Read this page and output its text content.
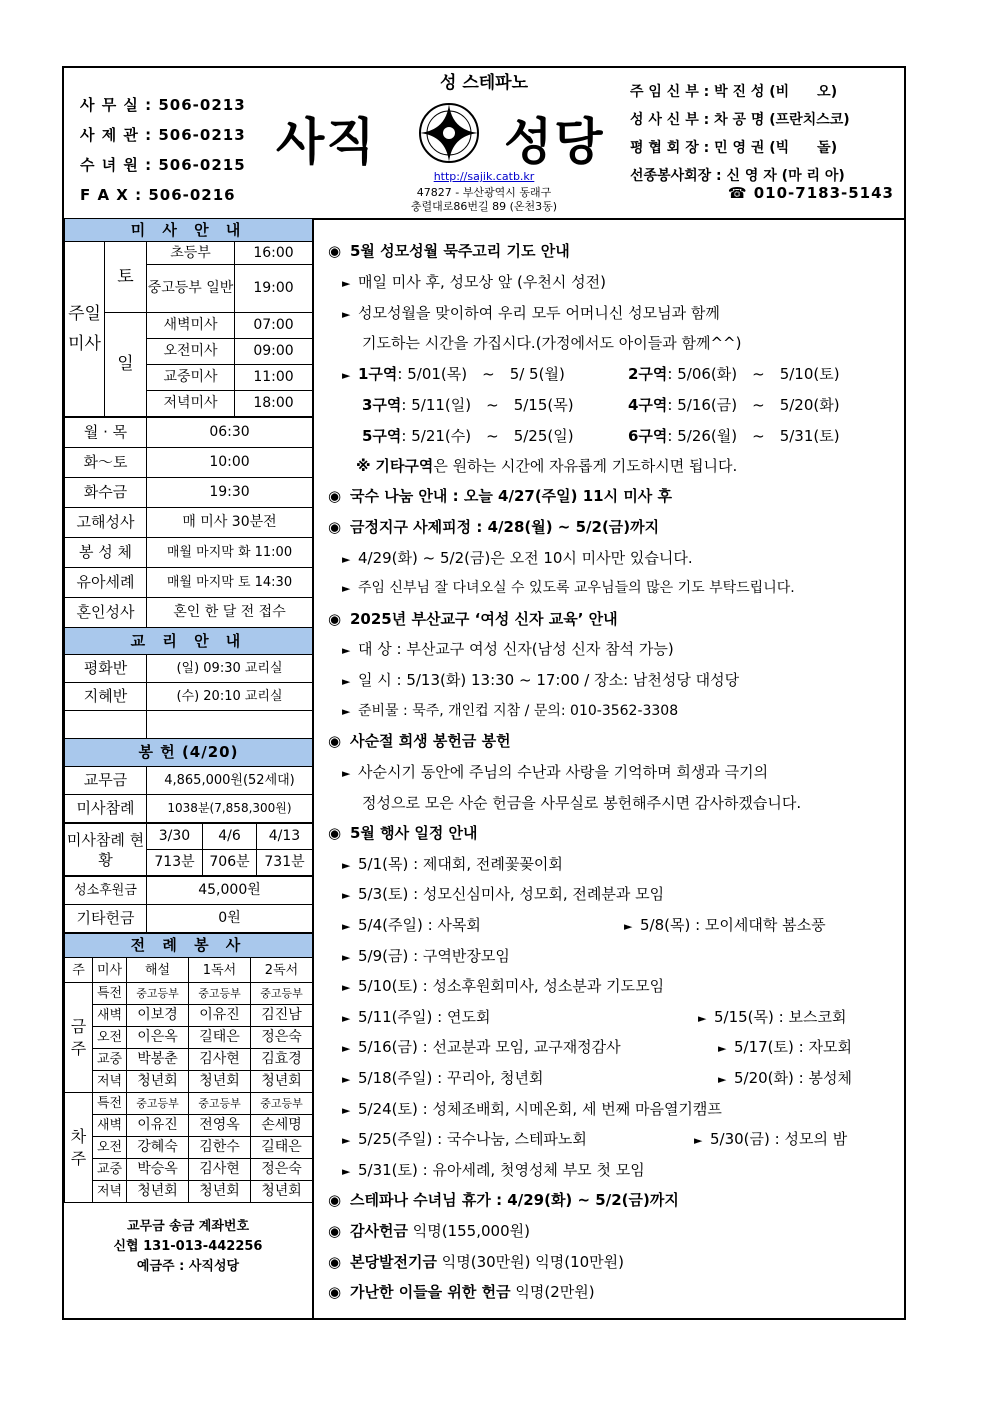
사 무 실 : 506-0213
사 제 관 : 506-0213
수 녀 원 : 506-0215
F A X : 506-0216
성 스테파노
사직	성당
http://sajik.catb.kr
47827 - 부산광역시 동래구
충렬대로86번길 89 (온천3동)
주 임 신 부 : 박 진 성 (비　　오)
성 사 신 부 : 차 공 명 (프란치스코)
평 협 회 장 : 민 영 권 (빅　　돌)
선종봉사회장 : 신 영 자 (마 리 아)
☎ 010-7183-5143
미 사 안 내			
주일미사	토	초등부	16:00
		중고등부 일반	19:00
	일	새벽미사	07:00
		오전미사	09:00
		교중미사	11:00
		저녁미사	18:00
월 · 목	06:30
화～토	10:00
화수금	19:30
고해성사	매 미사 30분전
봉 성 체	매월 마지막 화 11:00
유아세례	매월 마지막 토 14:30
혼인성사	혼인 한 달 전 접수
교 리 안 내	
평화반	(일) 09:30 교리실
지혜반	(수) 20:10 교리실

봉 헌 (4/20)	
교무금	4,865,000원(52세대)
미사참례	1038분(7,858,300원)
미사참례 현황	3/30	4/6	4/13
	713분	706분	731분
성소후원금	45,000원
기타헌금	0원
전 례 봉 사				
주	미사	해설	1독서	2독서
금주	특전	중고등부	중고등부	중고등부
	새벽	이보경	이유진	김진남
	오전	이은옥	길태은	정은숙
	교중	박봉춘	김사현	김효경
	저녁	청년회	청년회	청년회
차주	특전	중고등부	중고등부	중고등부
	새벽	이유진	전영옥	손세명
	오전	강혜숙	김한수	길태은
	교중	박승옥	김사현	정은숙
	저녁	청년회	청년회	청년회
교무금 송금 계좌번호
신협 131-013-442256
예금주 : 사직성당
◉ 5월 성모성월 묵주고리 기도 안내
► 매일 미사 후, 성모상 앞 (우천시 성전)
► 성모성월을 맞이하여 우리 모두 어머니신 성모님과 함께
기도하는 시간을 가집시다.(가정에서도 아이들과 함께^^)
► 1구역: 5/01(목)　~　5/ 5(월)	2구역: 5/06(화)　~　5/10(토)
3구역: 5/11(일)　~　5/15(목)	4구역: 5/16(금)　~　5/20(화)
5구역: 5/21(수)　~　5/25(일)	6구역: 5/26(월)　~　5/31(토)
※ 기타구역은 원하는 시간에 자유롭게 기도하시면 됩니다.
◉ 국수 나눔 안내 : 오늘 4/27(주일) 11시 미사 후
◉ 금정지구 사제피정 : 4/28(월) ~ 5/2(금)까지
► 4/29(화) ~ 5/2(금)은 오전 10시 미사만 있습니다.
► 주임 신부님 잘 다녀오실 수 있도록 교우님들의 많은 기도 부탁드립니다.
◉ 2025년 부산교구 ‘여성 신자 교육’ 안내
► 대 상 : 부산교구 여성 신자(남성 신자 참석 가능)
► 일 시 : 5/13(화) 13:30 ~ 17:00 / 장소: 남천성당 대성당
► 준비물 : 묵주, 개인컵 지참 / 문의: 010-3562-3308
◉ 사순절 희생 봉헌금 봉헌
► 사순시기 동안에 주님의 수난과 사랑을 기억하며 희생과 극기의
정성으로 모은 사순 헌금을 사무실로 봉헌해주시면 감사하겠습니다.
◉ 5월 행사 일정 안내
► 5/1(목) : 제대회, 전례꽃꽂이회
► 5/3(토) : 성모신심미사, 성모회, 전례분과 모임
► 5/4(주일) : 사목회	► 5/8(목) : 모이세대학 봄소풍
► 5/9(금) : 구역반장모임
► 5/10(토) : 성소후원회미사, 성소분과 기도모임
► 5/11(주일) : 연도회	► 5/15(목) : 보스코회
► 5/16(금) : 선교분과 모임, 교구재정감사	► 5/17(토) : 자모회
► 5/18(주일) : 꾸리아, 청년회	► 5/20(화) : 봉성체
► 5/24(토) : 성체조배회, 시메온회, 세 번째 마음열기캠프
► 5/25(주일) : 국수나눔, 스테파노회	► 5/30(금) : 성모의 밤
► 5/31(토) : 유아세례, 첫영성체 부모 첫 모임
◉ 스테파나 수녀님 휴가 : 4/29(화) ~ 5/2(금)까지
◉ 감사헌금 익명(155,000원)
◉ 본당발전기금 익명(30만원) 익명(10만원)
◉ 가난한 이들을 위한 헌금 익명(2만원)
